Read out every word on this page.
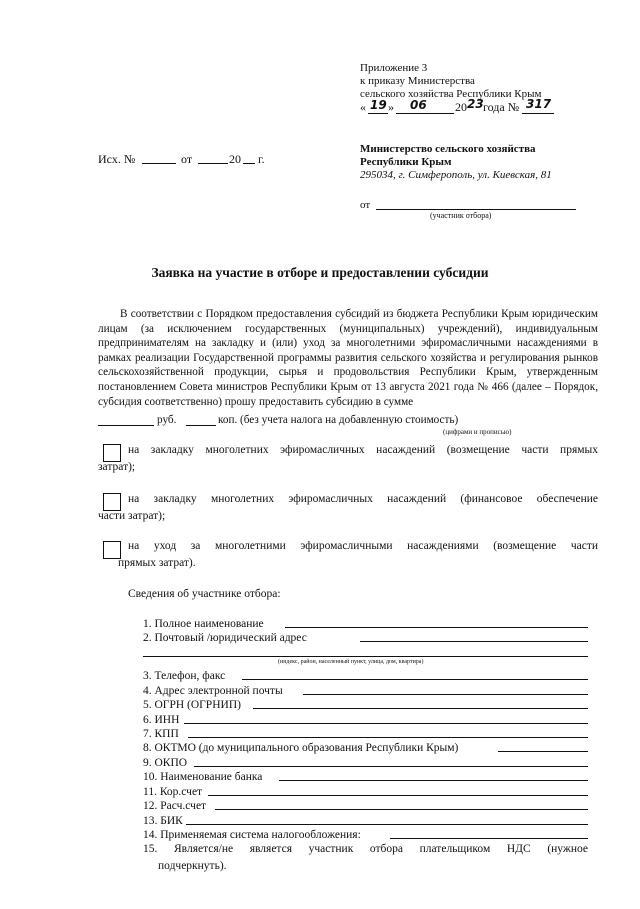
Приложение 3
к приказу Министерства
сельского хозяйства Республики Крым
« 19 » 06 20 23 года № 317
Исх. №	от	20 г.
Министерство сельского хозяйства
Республики Крым
295034, г. Симферополь, ул. Киевская, 81
от
(участник отбора)
Заявка на участие в отборе и предоставлении субсидии
В соответствии с Порядком предоставления субсидий из бюджета Республики Крым юридическим лицам (за исключением государственных (муниципальных) учреждений), индивидуальным предпринимателям на закладку и (или) уход за многолетними эфиромасличными насаждениями в рамках реализации Государственной программы развития сельского хозяйства и регулирования рынков сельскохозяйственной продукции, сырья и продовольствия Республики Крым, утвержденным постановлением Совета министров Республики Крым от 13 августа 2021 года № 466 (далее – Порядок, субсидия соответственно) прошу предоставить субсидию в сумме
руб.	коп. (без учета налога на добавленную стоимость)
(цифрами и прописью)
на закладку многолетних эфиромасличных насаждений (возмещение части прямых
затрат);
на закладку многолетних эфиромасличных насаждений (финансовое обеспечение
части затрат);
на уход за многолетними эфиромасличными насаждениями (возмещение части
прямых затрат).
Сведения об участнике отбора:
1. Полное наименование
2. Почтовый /юридический адрес
(индекс, район, населенный пункт, улица, дом, квартира)
3. Телефон, факс
4. Адрес электронной почты
5. ОГРН (ОГРНИП)
6. ИНН
7. КПП
8. ОКТМО (до муниципального образования Республики Крым)
9. ОКПО
10. Наименование банка
11. Кор.счет
12. Расч.счет
13. БИК
14. Применяемая система налогообложения:
15. Является/не является участник отбора плательщиком НДС (нужное
подчеркнуть).
